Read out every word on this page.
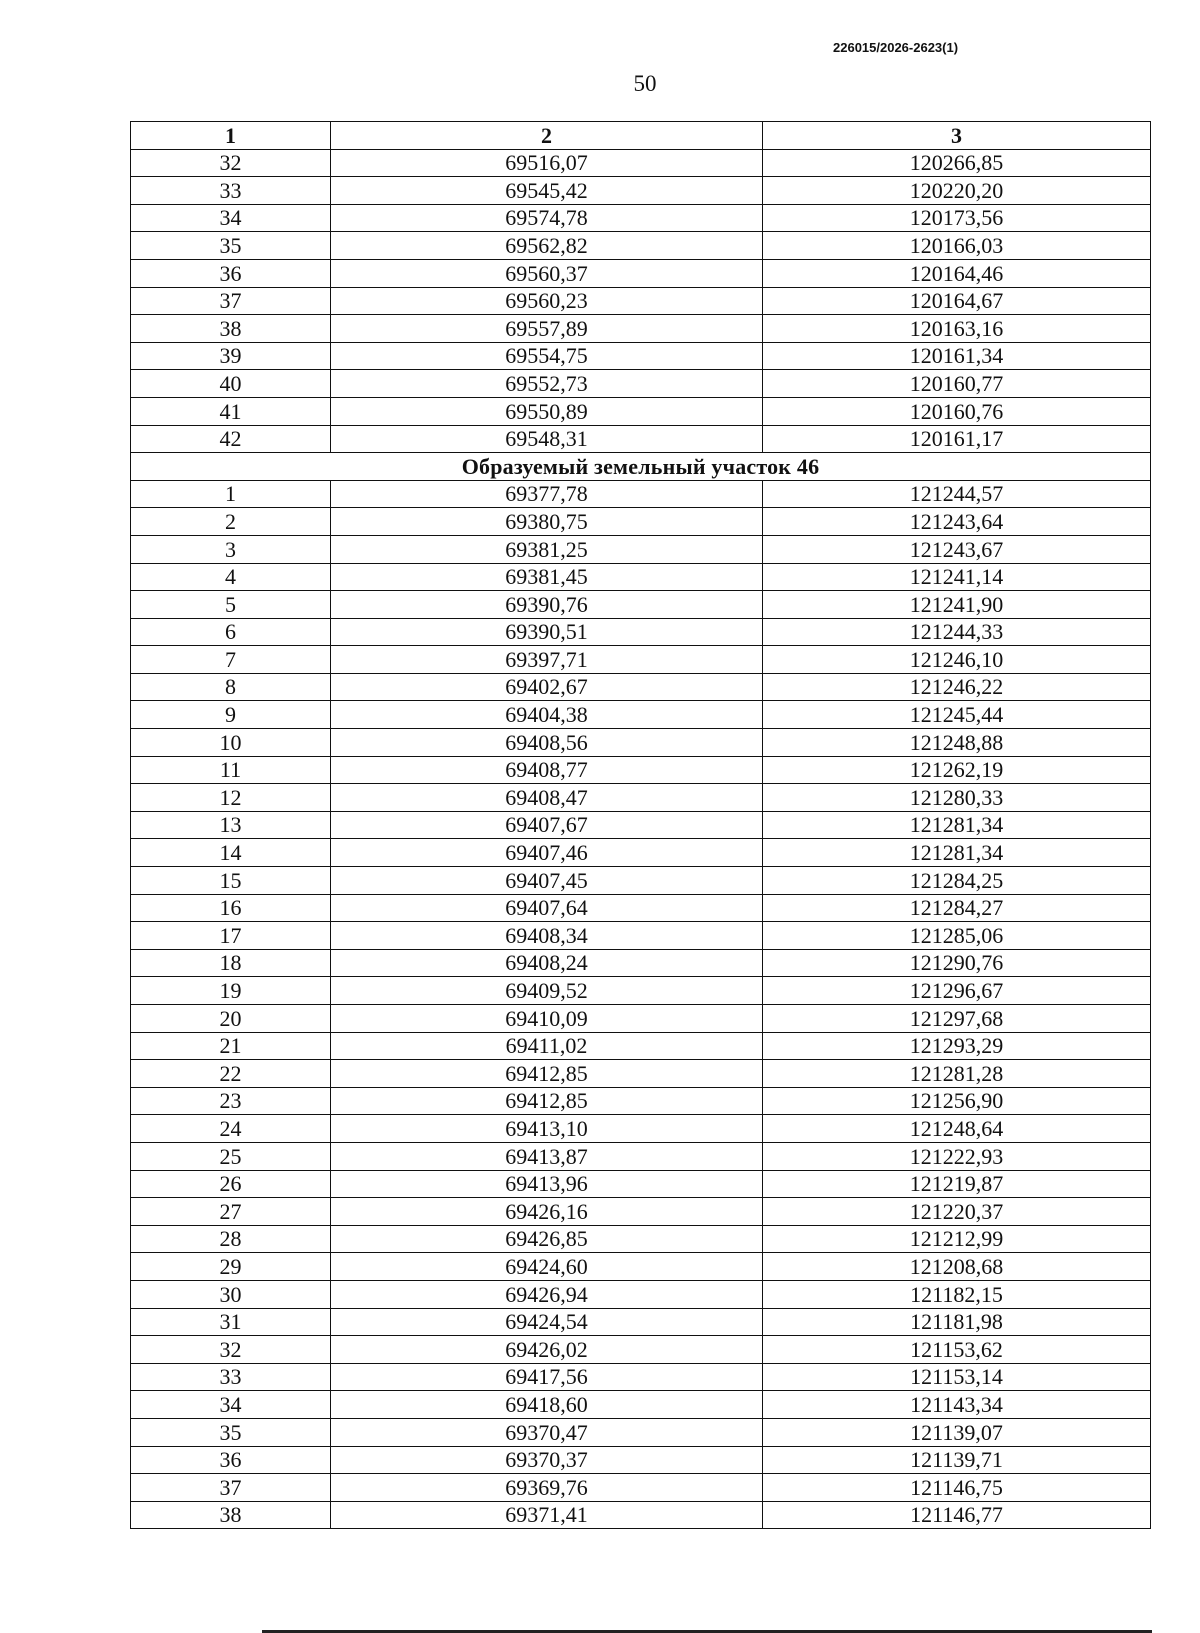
226015/2026-2623(1)
50
1	2	3
32	69516,07	120266,85
33	69545,42	120220,20
34	69574,78	120173,56
35	69562,82	120166,03
36	69560,37	120164,46
37	69560,23	120164,67
38	69557,89	120163,16
39	69554,75	120161,34
40	69552,73	120160,77
41	69550,89	120160,76
42	69548,31	120161,17
Образуемый земельный участок 46		
1	69377,78	121244,57
2	69380,75	121243,64
3	69381,25	121243,67
4	69381,45	121241,14
5	69390,76	121241,90
6	69390,51	121244,33
7	69397,71	121246,10
8	69402,67	121246,22
9	69404,38	121245,44
10	69408,56	121248,88
11	69408,77	121262,19
12	69408,47	121280,33
13	69407,67	121281,34
14	69407,46	121281,34
15	69407,45	121284,25
16	69407,64	121284,27
17	69408,34	121285,06
18	69408,24	121290,76
19	69409,52	121296,67
20	69410,09	121297,68
21	69411,02	121293,29
22	69412,85	121281,28
23	69412,85	121256,90
24	69413,10	121248,64
25	69413,87	121222,93
26	69413,96	121219,87
27	69426,16	121220,37
28	69426,85	121212,99
29	69424,60	121208,68
30	69426,94	121182,15
31	69424,54	121181,98
32	69426,02	121153,62
33	69417,56	121153,14
34	69418,60	121143,34
35	69370,47	121139,07
36	69370,37	121139,71
37	69369,76	121146,75
38	69371,41	121146,77
